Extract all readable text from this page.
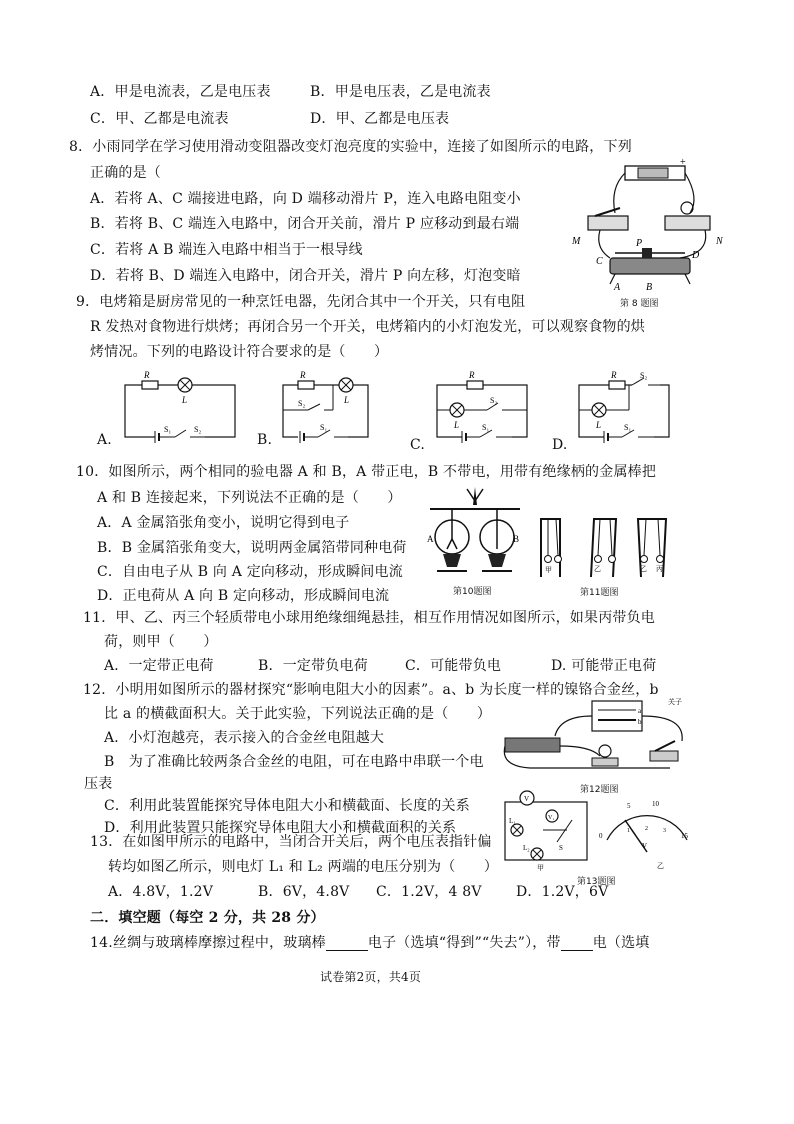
A．甲是电流表，乙是电压表	B．甲是电压表，乙是电流表
C．甲、乙都是电流表	D．甲、乙都是电压表
8．小雨同学在学习使用滑动变阻器改变灯泡亮度的实验中，连接了如图所示的电路，下列
正确的是（
A．若将 A、C 端接进电路，向 D 端移动滑片 P，连入电路电阻变小
B．若将 B、C 端连入电路中，闭合开关前，滑片 P 应移动到最右端
C．若将 A B 端连入电路中相当于一根导线
D．若将 B、D 端连入电路中，闭合开关，滑片 P 向左移，灯泡变暗
+
M	N
C
P
D
A	B
第 8 题图
9．电烤箱是厨房常见的一种烹饪电器，先闭合其中一个开关，只有电阻
R 发热对食物进行烘烤；再闭合另一个开关，电烤箱内的小灯泡发光，可以观察食物的烘
烤情况。下列的电路设计符合要求的是（　　）
A.
R
L
S₁	S₂
B.
R
L
S₂
S₁
C.
R
L
S₂
S₁
D.
R	S₂
L	S₁
10．如图所示，两个相同的验电器 A 和 B，A 带正电，B 不带电，用带有绝缘柄的金属棒把
A 和 B 连接起来，下列说法不正确的是（　　）
A．A 金属箔张角变小，说明它得到电子
B．B 金属箔张角变大，说明两金属箔带同种电荷
C．自由电子从 B 向 A 定向移动，形成瞬间电流
D．正电荷从 A 向 B 定向移动，形成瞬间电流
A	B
第10题图
甲	乙	乙 丙
第11题图
11．甲、乙、丙三个轻质带电小球用绝缘细绳悬挂，相互作用情况如图所示，如果丙带负电
荷，则甲（　　）
A．一定带正电荷	B．一定带负电荷	C．可能带负电	D. 可能带正电荷
12．小明用如图所示的器材探究“影响电阻大小的因素”。a、b 为长度一样的镍铬合金丝，b
比 a 的横截面积大。关于此实验，下列说法正确的是（　　）
A．小灯泡越亮，表示接入的合金丝电阻越大
B　为了准确比较两条合金丝的电阻，可在电路中串联一个电
压表
C．利用此装置能探究导体电阻大小和横截面、长度的关系
D．利用此装置只能探究导体电阻大小和横截面积的关系
a
b
关子
第12题图
13．在如图甲所示的电路中，当闭合开关后，两个电压表指针偏
转均如图乙所示，则电灯 L₁ 和 L₂ 两端的电压分别为（　　）
A．4.8V，1.2V	B．6V，4.8V C．1.2V，4 8V D．1.2V，6V
V
V₁
L₁
L₂	S
甲
0
5	10
15
1	2	3
V
乙
第13题图
二．填空题（每空 2 分，共 28 分）
14.丝绸与玻璃棒摩擦过程中，玻璃棒	电子（选填“得到”“失去”），带 电（选填
试卷第2页，共4页
